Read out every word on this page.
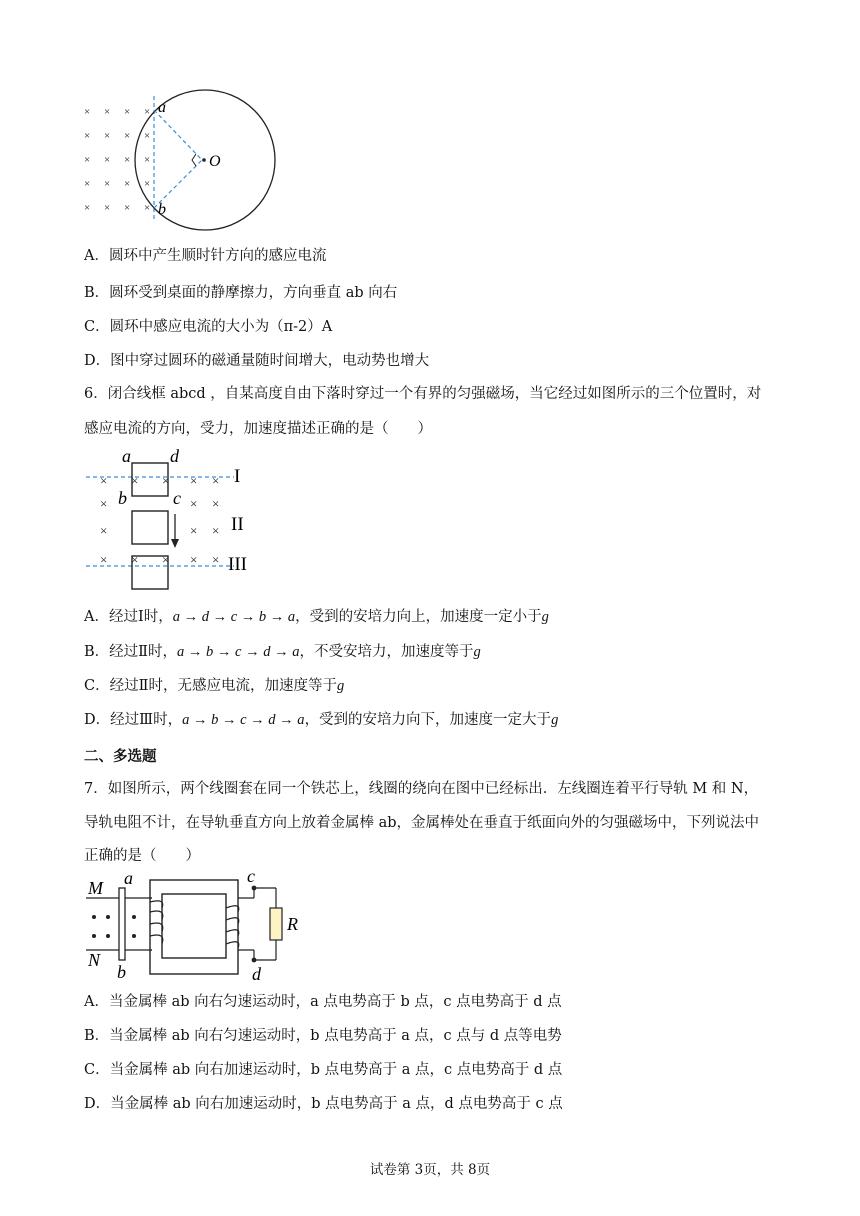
× × × ×
× × × ×
× × × ×
× × × ×
× × × ×
a
b
O
A．圆环中产生顺时针方向的感应电流
B．圆环受到桌面的静摩擦力，方向垂直 ab 向右
C．圆环中感应电流的大小为（π-2）A
D．图中穿过圆环的磁通量随时间增大，电动势也增大
6．闭合线框 abcd ，自某高度自由下落时穿过一个有界的匀强磁场，当它经过如图所示的三个位置时，对
感应电流的方向，受力，加速度描述正确的是（　　）
× × × × ×
×	× ×
×	× ×
× × × × ×
a d
b	c
I
II
III
A．经过Ⅰ时，a → d → c → b → a，受到的安培力向上，加速度一定小于g
B．经过Ⅱ时，a → b → c → d → a，不受安培力，加速度等于g
C．经过Ⅱ时，无感应电流，加速度等于g
D．经过Ⅲ时，a → b → c → d → a，受到的安培力向下，加速度一定大于g
二、多选题
7．如图所示，两个线圈套在同一个铁芯上，线圈的绕向在图中已经标出．左线圈连着平行导轨 M 和 N，
导轨电阻不计，在导轨垂直方向上放着金属棒 ab，金属棒处在垂直于纸面向外的匀强磁场中，下列说法中
正确的是（　　）
a
b
M
N
c
d
R
A．当金属棒 ab 向右匀速运动时，a 点电势高于 b 点，c 点电势高于 d 点
B．当金属棒 ab 向右匀速运动时，b 点电势高于 a 点，c 点与 d 点等电势
C．当金属棒 ab 向右加速运动时，b 点电势高于 a 点，c 点电势高于 d 点
D．当金属棒 ab 向右加速运动时，b 点电势高于 a 点，d 点电势高于 c 点
试卷第 3页，共 8页
